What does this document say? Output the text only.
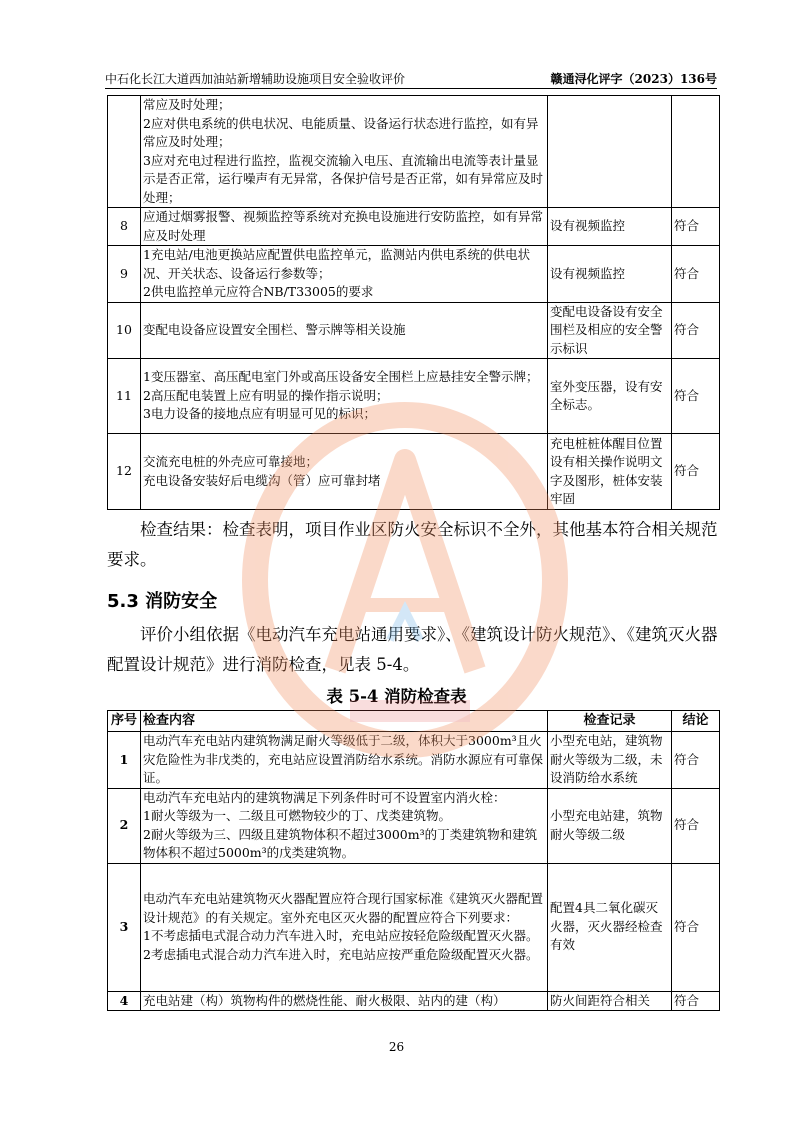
中石化长江大道西加油站新增辅助设施项目安全验收评价	赣通浔化评字（2023）136号

	常应及时处理；
2应对供电系统的供电状况、电能质量、设备运行状态进行监控，如有异常应及时处理；
3应对充电过程进行监控，监视交流输入电压、直流输出电流等表计量显示是否正常，运行噪声有无异常，各保护信号是否正常，如有异常应及时处理；		

8	应通过烟雾报警、视频监控等系统对充换电设施进行安防监控，如有异常应及时处理	设有视频监控	符合
9	1充电站/电池更换站应配置供电监控单元，监测站内供电系统的供电状况、开关状态、设备运行参数等；
2供电监控单元应符合NB/T33005的要求	设有视频监控	符合
10	变配电设备应设置安全围栏、警示牌等相关设施	变配电设备设有安全围栏及相应的安全警示标识	符合
11	1变压器室、高压配电室门外或高压设备安全围栏上应悬挂安全警示牌；
2高压配电装置上应有明显的操作指示说明；
3电力设备的接地点应有明显可见的标识；	室外变压器，设有安全标志。	符合
12	交流充电桩的外壳应可靠接地；
充电设备安装好后电缆沟（管）应可靠封堵	充电桩桩体醒目位置设有相关操作说明文字及图形，桩体安装牢固	符合

检查结果：检查表明，项目作业区防火安全标识不全外，其他基本符合相关规范要求。

5.3 消防安全

评价小组依据《电动汽车充电站通用要求》、《建筑设计防火规范》、《建筑灭火器配置设计规范》进行消防检查，见表 5-4。

表 5-4 消防检查表
序号	检查内容	检查记录	结论
1	电动汽车充电站内建筑物满足耐火等级低于二级，体积大于3000m³且火灾危险性为非戊类的，充电站应设置消防给水系统。消防水源应有可靠保证。	小型充电站，建筑物耐火等级为二级，未设消防给水系统	符合
2	电动汽车充电站内的建筑物满足下列条件时可不设置室内消火栓：
1耐火等级为一、二级且可燃物较少的丁、戊类建筑物。
2耐火等级为三、四级且建筑物体积不超过3000m³的丁类建筑物和建筑物体积不超过5000m³的戊类建筑物。	小型充电站建，筑物耐火等级二级	符合
3	电动汽车充电站建筑物灭火器配置应符合现行国家标准《建筑灭火器配置设计规范》的有关规定。室外充电区灭火器的配置应符合下列要求：
1不考虑插电式混合动力汽车进入时，充电站应按轻危险级配置灭火器。
2考虑插电式混合动力汽车进入时，充电站应按严重危险级配置灭火器。	配置4具二氧化碳灭火器，灭火器经检查有效	符合
4	充电站建（构）筑物构件的燃烧性能、耐火极限、站内的建（构）	防火间距符合相关	符合
26
